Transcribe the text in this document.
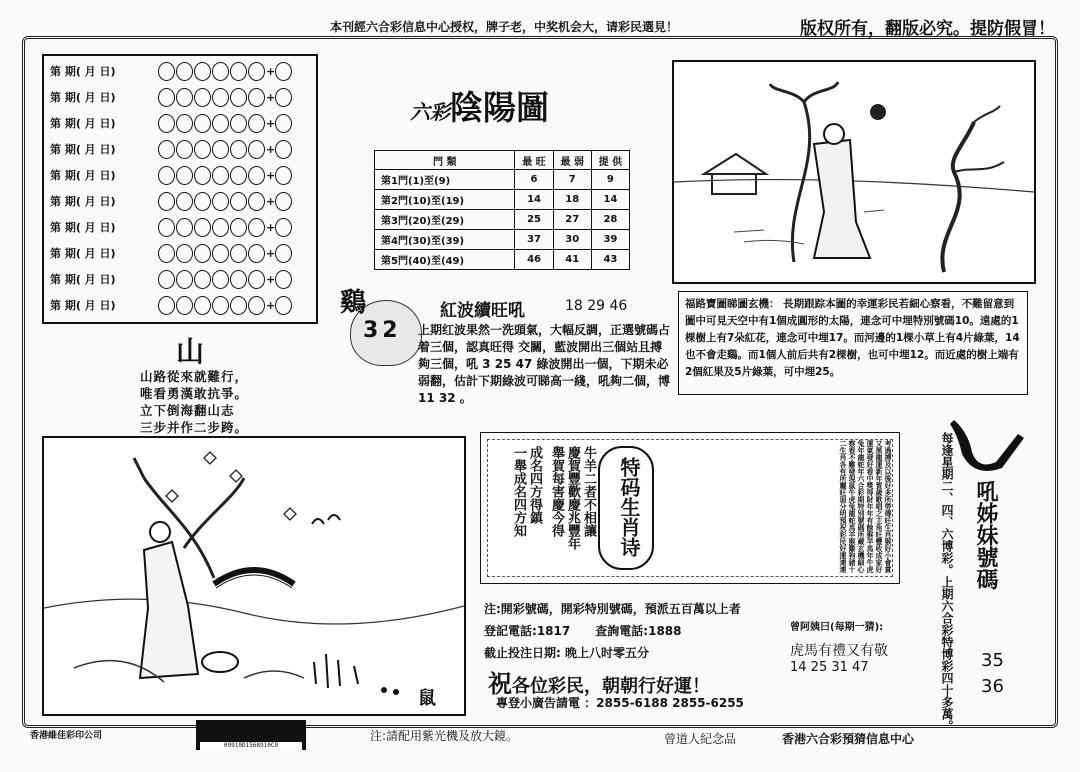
本刊經六合彩信息中心授权，牌子老，中奖机会大，请彩民選見！	版权所有，翻版必究。提防假冒！
第 期( 月 日)	+
第 期( 月 日)	+
第 期( 月 日)	+
第 期( 月 日)	+
第 期( 月 日)	+
第 期( 月 日)	+
第 期( 月 日)	+
第 期( 月 日)	+
第 期( 月 日)	+
第 期( 月 日)	+
六彩陰陽圖
門 類	最 旺	最 弱	提 供
第1門(1)至(9)	6	7	9
第2門(10)至(19)	14	18	14
第3門(20)至(29)	25	27	28
第4門(30)至(39)	37	30	39
第5門(40)至(49)	46	41	43
鷄
32
紅波續旺吼	18 29 46
上期红波果然一洗頭氣，大幅反調，正選號碼占着三個，認真旺得 交關，藍波開出三個站且搏夠三個，吼 3 25 47 綠波開出一個，下期未必弱翻，估計下期綠波可睇高一綫，吼夠二個，博 11 32 。
山
山路從來就難行，
唯看勇漢敢抗爭。
立下倒海翻山志
三步并作二步跨。
福路寶圖睇圖玄機： 長期跟踪本圖的幸運彩民若細心察看，不難留意到圖中可見天空中有1個成圓形的太陽，連念可中埋特別號碼10。遠處的1棵樹上有7朵紅花，連念可中埋17。而河邊的1棵小草上有4片綠葉，14也不會走鷄。而1個人前后共有2棵樹，也可中埋12。而近處的樹上端有2個紅果及5片綠葉，可中埋25。
鼠
牛羊二者不相讓
慶賀豐歡慶兆豐年
舉賀每害慶今得
成名四方得鎮
一舉成名四方知	特码生肖诗	考過搏及以後好多所勞傳旺生肖猴好小會賞又黑龍運新年賀歲歌唱之主角旺豐收成家好運氣發好看中獎得財年年有餘猴羊馬年牛虎兔年龍蛇年六合彩期特別號碼所藏玄機細心察看不難發現鼠牛虎兔龍蛇馬羊猴雞狗豬十二生肖各有所屬旺弱分明預祝彩民好運連連	每逢星期二、四、六博彩。上期六合彩特博彩四十多萬。 吼姊妹號碼
35
36
注:開彩號碼，開彩特別號碼，預派五百萬以上者
登記電話:1817 查詢電話:1888
截止投注日期: 晚上八时零五分
曾阿姨曰(每期一猜):
虎馬有禮又有敬
14 25 31 47
祝各位彩民，朝朝行好運！
專登小廣告請電 ：2855-6188 2855-6255
香港維佳彩印公司
09910D1568910C9
注:請配用紫光機及放大鏡。	曾道人紀念品	香港六合彩預猜信息中心
